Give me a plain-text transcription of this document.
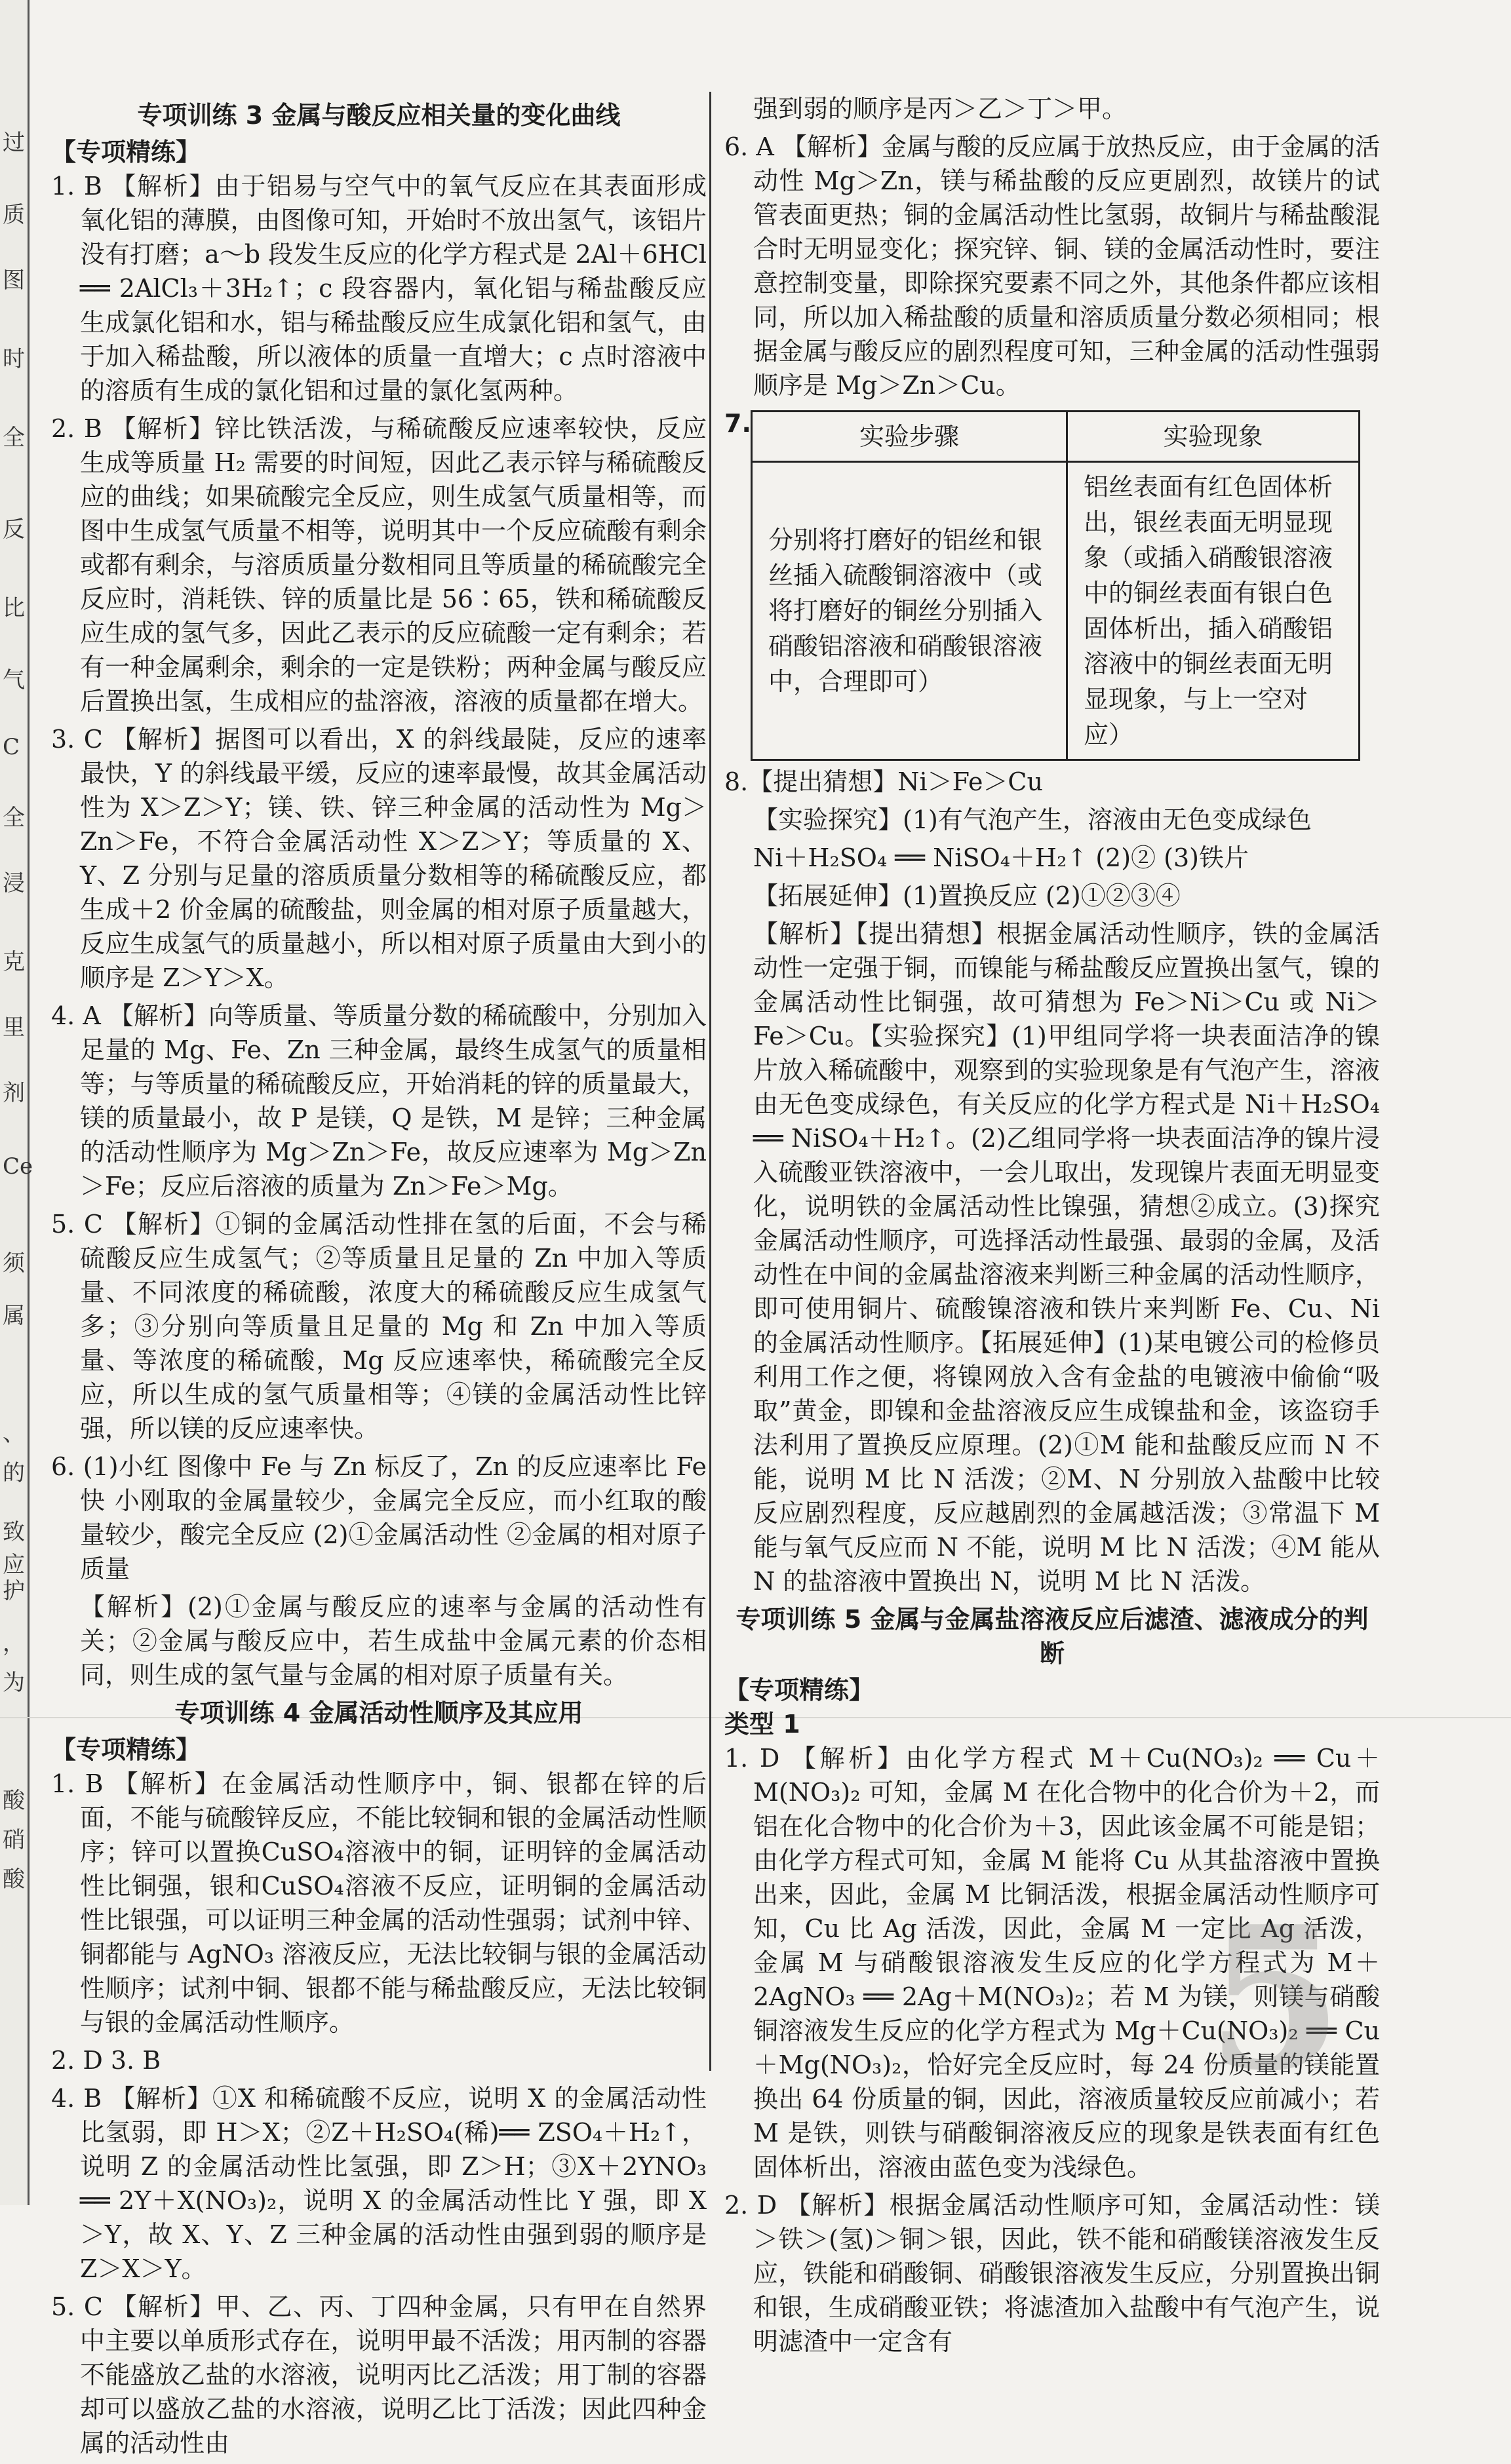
过
质
图
时
全
反
比
气
C
全
浸
克
里
剂
Ce
须
属
、
的
致
应
护
，
为
酸
硝
酸
专项训练 3 金属与酸反应相关量的变化曲线
【专项精练】
1. B 【解析】由于铝易与空气中的氧气反应在其表面形成氧化铝的薄膜，由图像可知，开始时不放出氢气，该铝片没有打磨；a～b 段发生反应的化学方程式是 2Al＋6HCl ══ 2AlCl₃＋3H₂↑；c 段容器内，氧化铝与稀盐酸反应生成氯化铝和水，铝与稀盐酸反应生成氯化铝和氢气，由于加入稀盐酸，所以液体的质量一直增大；c 点时溶液中的溶质有生成的氯化铝和过量的氯化氢两种。
2. B 【解析】锌比铁活泼，与稀硫酸反应速率较快，反应生成等质量 H₂ 需要的时间短，因此乙表示锌与稀硫酸反应的曲线；如果硫酸完全反应，则生成氢气质量相等，而图中生成氢气质量不相等，说明其中一个反应硫酸有剩余或都有剩余，与溶质质量分数相同且等质量的稀硫酸完全反应时，消耗铁、锌的质量比是 56∶65，铁和稀硫酸反应生成的氢气多，因此乙表示的反应硫酸一定有剩余；若有一种金属剩余，剩余的一定是铁粉；两种金属与酸反应后置换出氢，生成相应的盐溶液，溶液的质量都在增大。
3. C 【解析】据图可以看出，X 的斜线最陡，反应的速率最快，Y 的斜线最平缓，反应的速率最慢，故其金属活动性为 X＞Z＞Y；镁、铁、锌三种金属的活动性为 Mg＞Zn＞Fe，不符合金属活动性 X＞Z＞Y；等质量的 X、Y、Z 分别与足量的溶质质量分数相等的稀硫酸反应，都生成＋2 价金属的硫酸盐，则金属的相对原子质量越大，反应生成氢气的质量越小，所以相对原子质量由大到小的顺序是 Z＞Y＞X。
4. A 【解析】向等质量、等质量分数的稀硫酸中，分别加入足量的 Mg、Fe、Zn 三种金属，最终生成氢气的质量相等；与等质量的稀硫酸反应，开始消耗的锌的质量最大，镁的质量最小，故 P 是镁，Q 是铁，M 是锌；三种金属的活动性顺序为 Mg＞Zn＞Fe，故反应速率为 Mg＞Zn＞Fe；反应后溶液的质量为 Zn＞Fe＞Mg。
5. C 【解析】①铜的金属活动性排在氢的后面，不会与稀硫酸反应生成氢气；②等质量且足量的 Zn 中加入等质量、不同浓度的稀硫酸，浓度大的稀硫酸反应生成氢气多；③分别向等质量且足量的 Mg 和 Zn 中加入等质量、等浓度的稀硫酸，Mg 反应速率快，稀硫酸完全反应，所以生成的氢气质量相等；④镁的金属活动性比锌强，所以镁的反应速率快。
6. (1)小红 图像中 Fe 与 Zn 标反了，Zn 的反应速率比 Fe 快 小刚取的金属量较少，金属完全反应，而小红取的酸量较少，酸完全反应 (2)①金属活动性 ②金属的相对原子质量
【解析】(2)①金属与酸反应的速率与金属的活动性有关；②金属与酸反应中，若生成盐中金属元素的价态相同，则生成的氢气量与金属的相对原子质量有关。
专项训练 4 金属活动性顺序及其应用
【专项精练】
1. B 【解析】在金属活动性顺序中，铜、银都在锌的后面，不能与硫酸锌反应，不能比较铜和银的金属活动性顺序；锌可以置换CuSO₄溶液中的铜，证明锌的金属活动性比铜强，银和CuSO₄溶液不反应，证明铜的金属活动性比银强，可以证明三种金属的活动性强弱；试剂中锌、铜都能与 AgNO₃ 溶液反应，无法比较铜与银的金属活动性顺序；试剂中铜、银都不能与稀盐酸反应，无法比较铜与银的金属活动性顺序。
2. D 3. B
4. B 【解析】①X 和稀硫酸不反应，说明 X 的金属活动性比氢弱，即 H＞X；②Z＋H₂SO₄(稀)══ ZSO₄＋H₂↑，说明 Z 的金属活动性比氢强，即 Z＞H；③X＋2YNO₃ ══ 2Y＋X(NO₃)₂，说明 X 的金属活动性比 Y 强，即 X＞Y，故 X、Y、Z 三种金属的活动性由强到弱的顺序是 Z＞X＞Y。
5. C 【解析】甲、乙、丙、丁四种金属，只有甲在自然界中主要以单质形式存在，说明甲最不活泼；用丙制的容器不能盛放乙盐的水溶液，说明丙比乙活泼；用丁制的容器却可以盛放乙盐的水溶液，说明乙比丁活泼；因此四种金属的活动性由
强到弱的顺序是丙＞乙＞丁＞甲。
6. A 【解析】金属与酸的反应属于放热反应，由于金属的活动性 Mg＞Zn，镁与稀盐酸的反应更剧烈，故镁片的试管表面更热；铜的金属活动性比氢弱，故铜片与稀盐酸混合时无明显变化；探究锌、铜、镁的金属活动性时，要注意控制变量，即除探究要素不同之外，其他条件都应该相同，所以加入稀盐酸的质量和溶质质量分数必须相同；根据金属与酸反应的剧烈程度可知，三种金属的活动性强弱顺序是 Mg＞Zn＞Cu。
7.	实验步骤	实验现象
分别将打磨好的铝丝和银丝插入硫酸铜溶液中（或将打磨好的铜丝分别插入硝酸铝溶液和硝酸银溶液中，合理即可）	铝丝表面有红色固体析出，银丝表面无明显现象（或插入硝酸银溶液中的铜丝表面有银白色固体析出，插入硝酸铝溶液中的铜丝表面无明显现象，与上一空对应）
8.【提出猜想】Ni＞Fe＞Cu
【实验探究】(1)有气泡产生，溶液由无色变成绿色
Ni＋H₂SO₄ ══ NiSO₄＋H₂↑ (2)② (3)铁片
【拓展延伸】(1)置换反应 (2)①②③④
【解析】【提出猜想】根据金属活动性顺序，铁的金属活动性一定强于铜，而镍能与稀盐酸反应置换出氢气，镍的金属活动性比铜强，故可猜想为 Fe＞Ni＞Cu 或 Ni＞Fe＞Cu。【实验探究】(1)甲组同学将一块表面洁净的镍片放入稀硫酸中，观察到的实验现象是有气泡产生，溶液由无色变成绿色，有关反应的化学方程式是 Ni＋H₂SO₄ ══ NiSO₄＋H₂↑。(2)乙组同学将一块表面洁净的镍片浸入硫酸亚铁溶液中，一会儿取出，发现镍片表面无明显变化，说明铁的金属活动性比镍强，猜想②成立。(3)探究金属活动性顺序，可选择活动性最强、最弱的金属，及活动性在中间的金属盐溶液来判断三种金属的活动性顺序，即可使用铜片、硫酸镍溶液和铁片来判断 Fe、Cu、Ni 的金属活动性顺序。【拓展延伸】(1)某电镀公司的检修员利用工作之便，将镍网放入含有金盐的电镀液中偷偷“吸取”黄金，即镍和金盐溶液反应生成镍盐和金，该盗窃手法利用了置换反应原理。(2)①M 能和盐酸反应而 N 不能，说明 M 比 N 活泼；②M、N 分别放入盐酸中比较反应剧烈程度，反应越剧烈的金属越活泼；③常温下 M 能与氧气反应而 N 不能，说明 M 比 N 活泼；④M 能从 N 的盐溶液中置换出 N，说明 M 比 N 活泼。
专项训练 5 金属与金属盐溶液反应后滤渣、滤液成分的判断
【专项精练】
类型 1
1. D 【解析】由化学方程式 M＋Cu(NO₃)₂ ══ Cu＋M(NO₃)₂ 可知，金属 M 在化合物中的化合价为＋2，而铝在化合物中的化合价为＋3，因此该金属不可能是铝；由化学方程式可知，金属 M 能将 Cu 从其盐溶液中置换出来，因此，金属 M 比铜活泼，根据金属活动性顺序可知，Cu 比 Ag 活泼，因此，金属 M 一定比 Ag 活泼，金属 M 与硝酸银溶液发生反应的化学方程式为 M＋2AgNO₃ ══ 2Ag＋M(NO₃)₂；若 M 为镁，则镁与硝酸铜溶液发生反应的化学方程式为 Mg＋Cu(NO₃)₂ ══ Cu＋Mg(NO₃)₂，恰好完全反应时，每 24 份质量的镁能置换出 64 份质量的铜，因此，溶液质量较反应前减小；若 M 是铁，则铁与硝酸铜溶液反应的现象是铁表面有红色固体析出，溶液由蓝色变为浅绿色。
2. D 【解析】根据金属活动性顺序可知，金属活动性：镁＞铁＞(氢)＞铜＞银，因此，铁不能和硝酸镁溶液发生反应，铁能和硝酸铜、硝酸银溶液发生反应，分别置换出铜和银，生成硝酸亚铁；将滤渣加入盐酸中有气泡产生，说明滤渣中一定含有
5
